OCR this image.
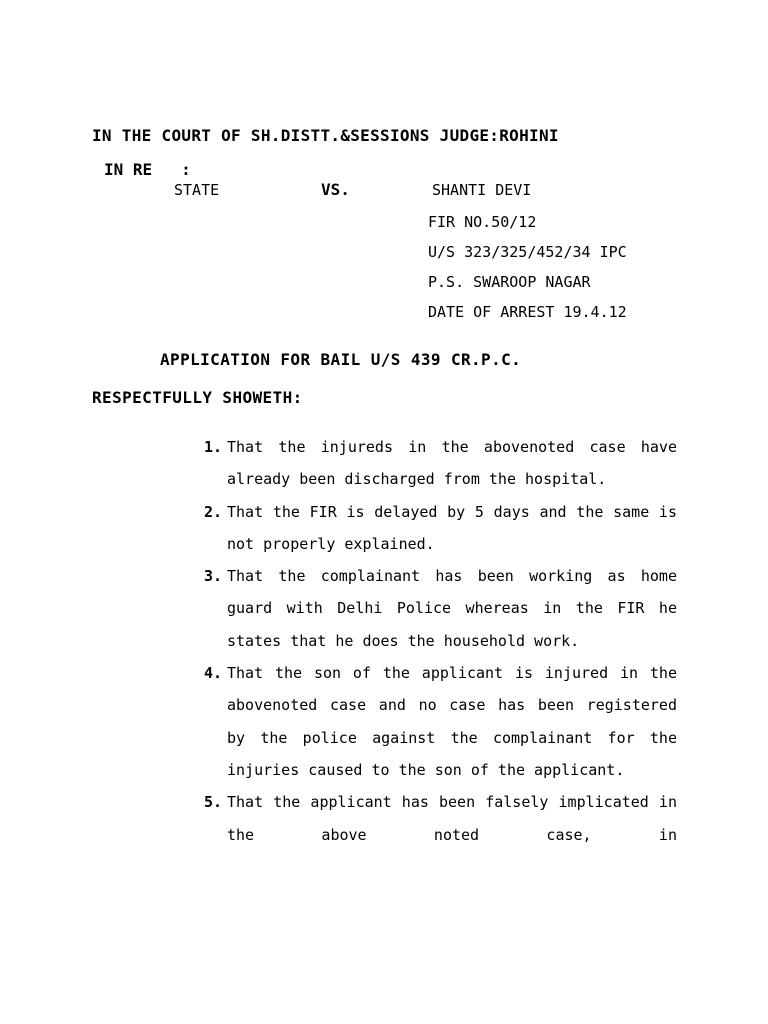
IN THE COURT OF SH.DISTT.&SESSIONS JUDGE:ROHINI
IN RE   :
STATE	VS.	SHANTI DEVI
FIR NO.50/12
U/S 323/325/452/34 IPC
P.S. SWAROOP NAGAR
DATE OF ARREST 19.4.12
APPLICATION FOR BAIL U/S 439 CR.P.C.
RESPECTFULLY SHOWETH:
1. That the injureds in the abovenoted case have already been discharged from the hospital.
2. That the FIR is delayed by 5 days and the same is not properly explained.
3. That the complainant has been working as home guard with Delhi Police whereas in the FIR he states that he does the household work.
4. That the son of the applicant is injured in the abovenoted case and no case has been registered by the police against the complainant for the injuries caused to the son of the applicant.
5. That the applicant has been falsely implicated in the above noted case, in
